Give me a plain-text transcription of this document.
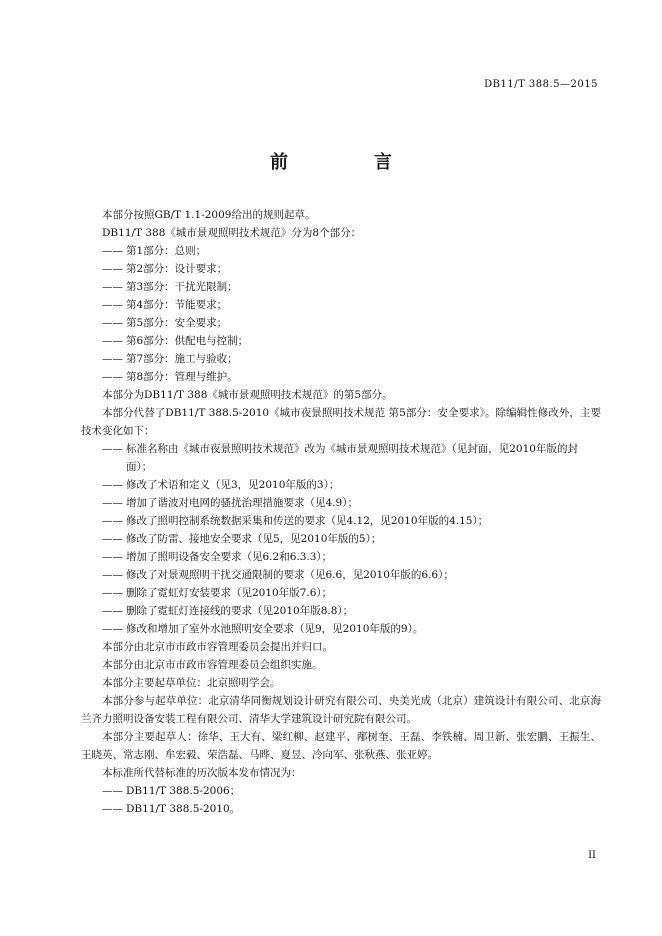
DB11/T 388.5—2015
前　言

本部分按照GB/T 1.1-2009给出的规则起草。

DB11/T 388《城市景观照明技术规范》分为8个部分：

—— 第1部分：总则；
—— 第2部分：设计要求；
—— 第3部分：干扰光限制；
—— 第4部分：节能要求；
—— 第5部分：安全要求；
—— 第6部分：供配电与控制；
—— 第7部分：施工与验收；
—— 第8部分：管理与维护。

本部分为DB11/T 388《城市景观照明技术规范》的第5部分。

本部分代替了DB11/T 388.5-2010《城市夜景照明技术规范 第5部分：安全要求》。除编辑性修改外，主要技术变化如下：

—— 标准名称由《城市夜景照明技术规范》改为《城市景观照明技术规范》（见封面，见2010年版的封面）；
—— 修改了术语和定义（见3，见2010年版的3）；
—— 增加了谐波对电网的骚扰治理措施要求（见4.9）；
—— 修改了照明控制系统数据采集和传送的要求（见4.12，见2010年版的4.15）；
—— 修改了防雷、接地安全要求（见5，见2010年版的5）；
—— 增加了照明设备安全要求（见6.2和6.3.3）；
—— 修改了对景观照明干扰交通限制的要求（见6.6，见2010年版的6.6）；
—— 删除了霓虹灯安装要求（见2010年版7.6）；
—— 删除了霓虹灯连接线的要求（见2010年版8.8）；
—— 修改和增加了室外水池照明安全要求（见9，见2010年版的9）。

本部分由北京市市政市容管理委员会提出并归口。

本部分由北京市市政市容管理委员会组织实施。

本部分主要起草单位：北京照明学会。

本部分参与起草单位：北京清华同衡规划设计研究有限公司、央美光成（北京）建筑设计有限公司、北京海兰齐力照明设备安装工程有限公司、清华大学建筑设计研究院有限公司。

本部分主要起草人：徐华、王大有、梁红柳、赵建平、邴树奎、王磊、李铁楠、周卫新、张宏鹏、王振生、王晓英、常志刚、牟宏毅、荣浩磊、马晔、夏昱、冷向军、张秋燕、张亚婷。

本标准所代替标准的历次版本发布情况为：

—— DB11/T 388.5-2006；
—— DB11/T 388.5-2010。
II
